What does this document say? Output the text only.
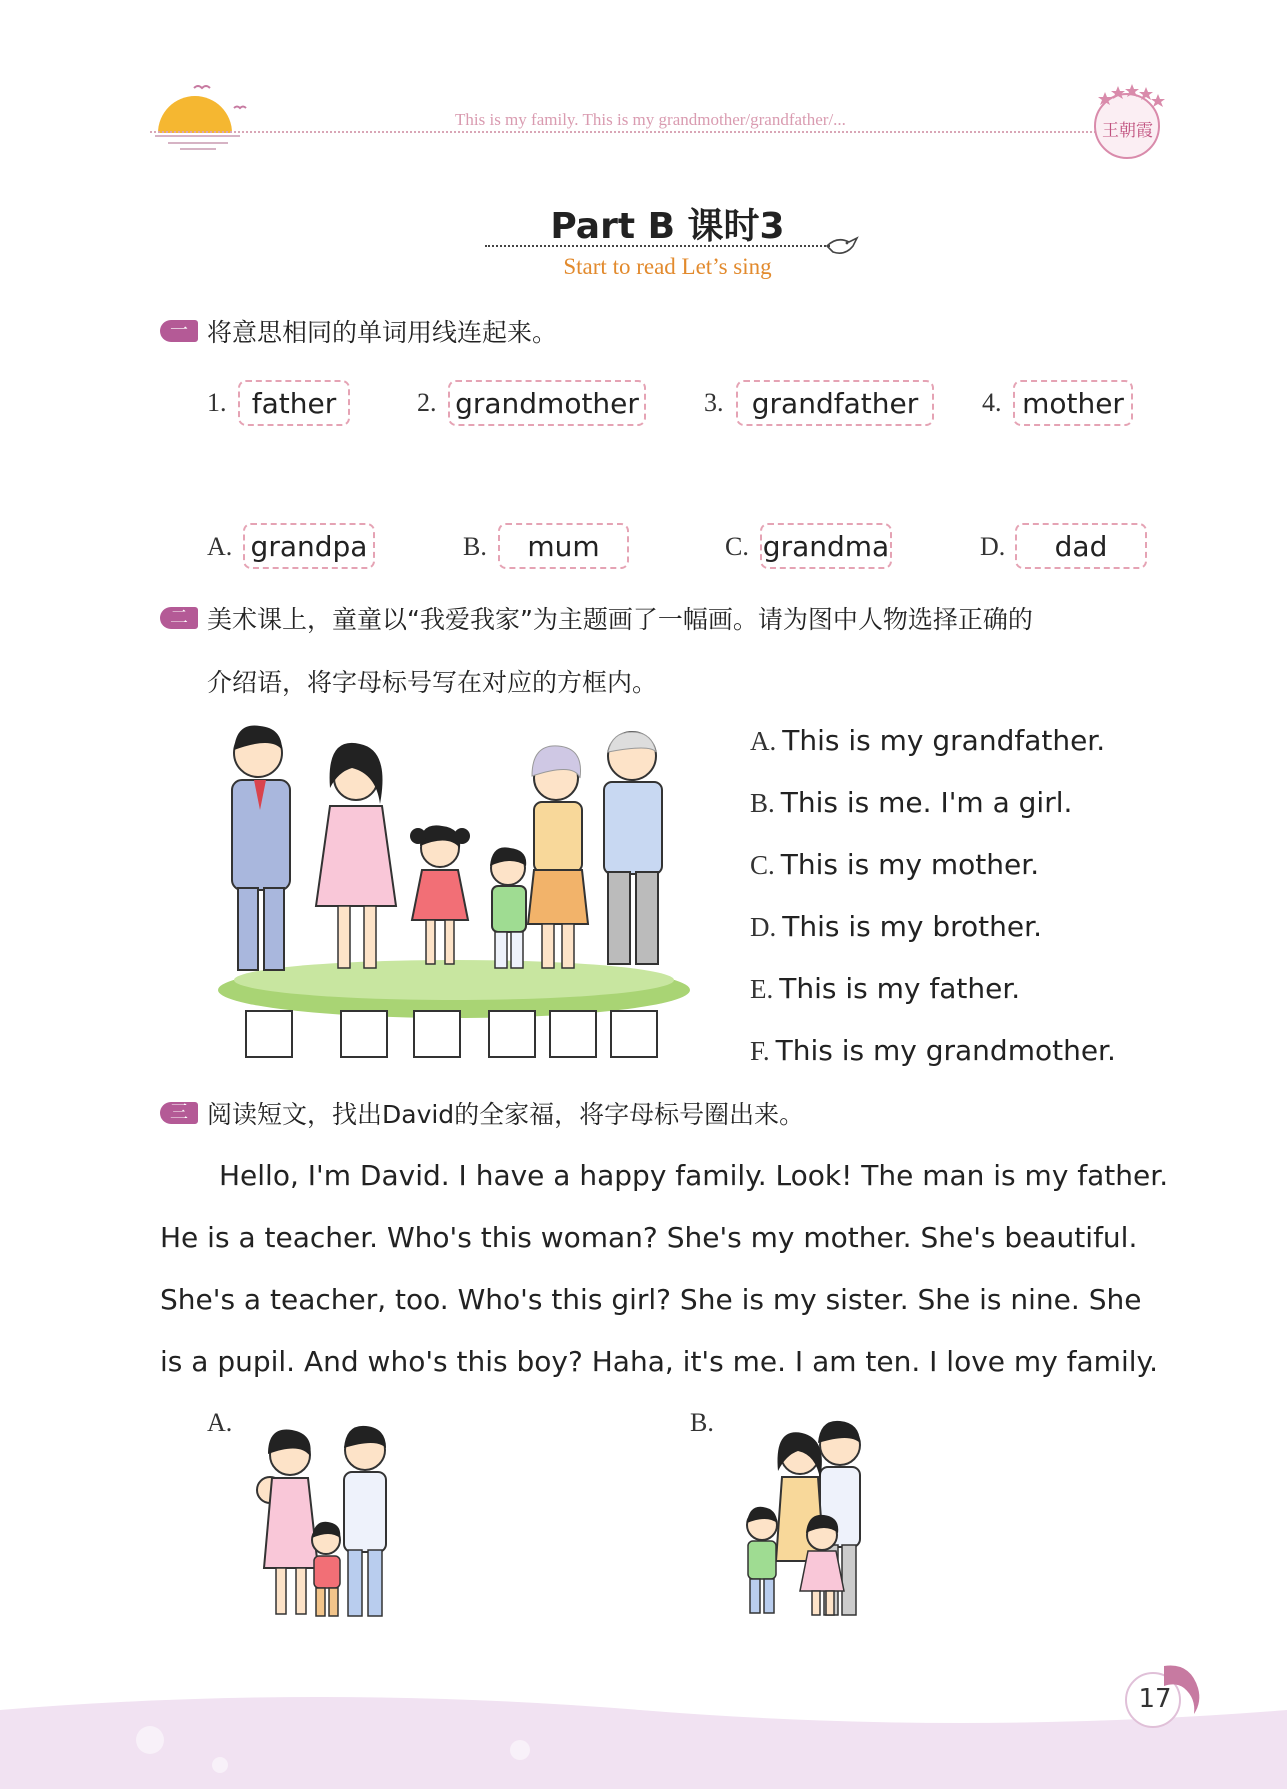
This is my family. This is my grandmother/grandfather/...
王朝霞
Part B 课时3
Start to read Let’s sing
一 将意思相同的单词用线连起来。
1. father	2. grandmother	3.	grandfather	4. mother
A. grandpa	B.	mum	C. grandma	D.	dad
二 美术课上，童童以“我爱我家”为主题画了一幅画。请为图中人物选择正确的
介绍语，将字母标号写在对应的方框内。
A. This is my grandfather.
B. This is me. I'm a girl.
C. This is my mother.
D. This is my brother.
E. This is my father.
F. This is my grandmother.
三 阅读短文，找出David的全家福，将字母标号圈出来。
Hello, I'm David. I have a happy family. Look! The man is my father.
He is a teacher. Who's this woman? She's my mother. She's beautiful.
She's a teacher, too. Who's this girl? She is my sister. She is nine. She
is a pupil. And who's this boy? Haha, it's me. I am ten. I love my family.
A.	B.
17
